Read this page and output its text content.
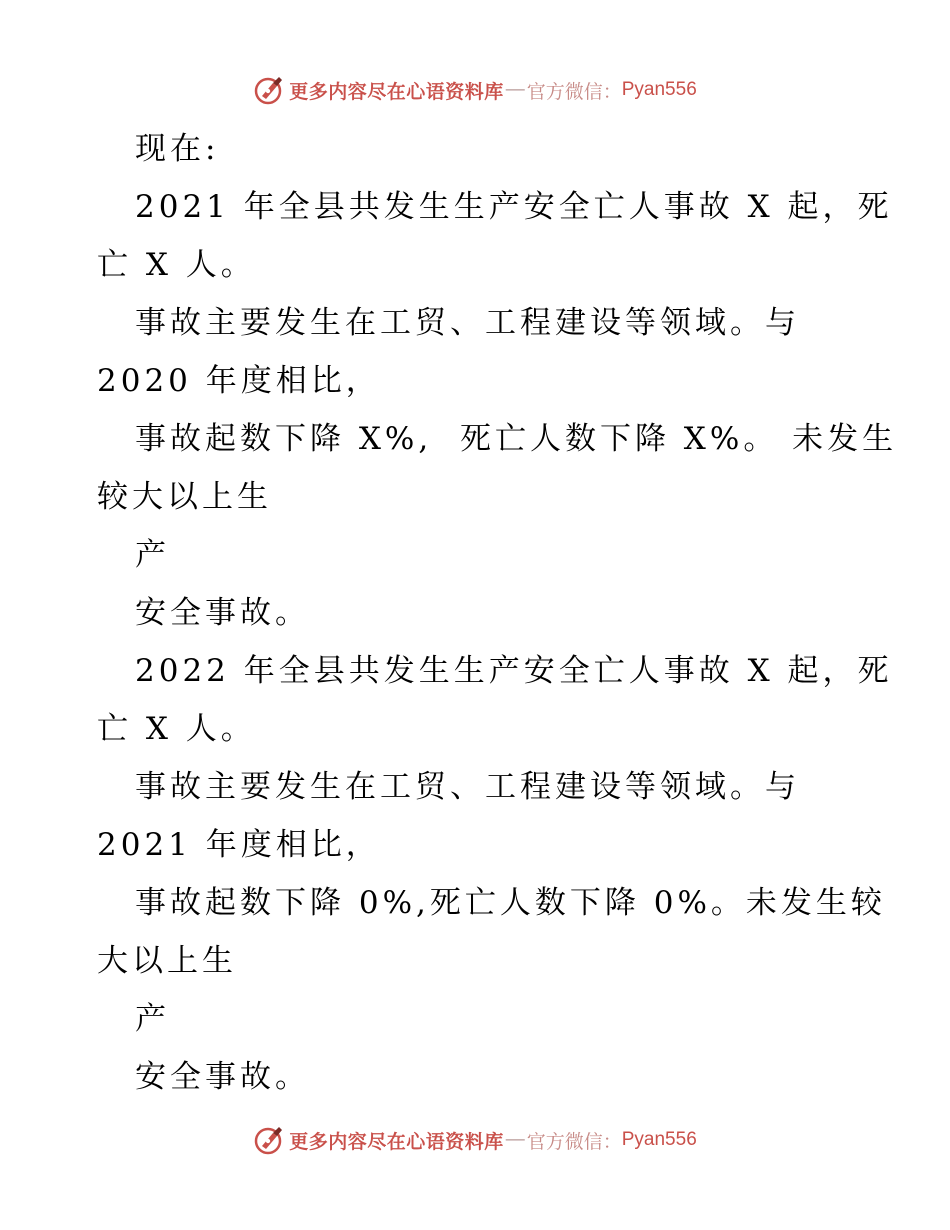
更多内容尽在心语资料库 — 官方微信： Pyan556
现在:
2021 年全县共发生生产安全亡人事故 X 起，死
亡 X 人。
事故主要发生在工贸、工程建设等领域。与
2020 年度相比，
事故起数下降 X%,  死亡人数下降 X%。 未发生
较大以上生
产
安全事故。
2022 年全县共发生生产安全亡人事故 X 起，死
亡 X 人。
事故主要发生在工贸、工程建设等领域。与
2021 年度相比，
事故起数下降 0%,死亡人数下降 0%。未发生较
大以上生
产
安全事故。
更多内容尽在心语资料库 — 官方微信： Pyan556
